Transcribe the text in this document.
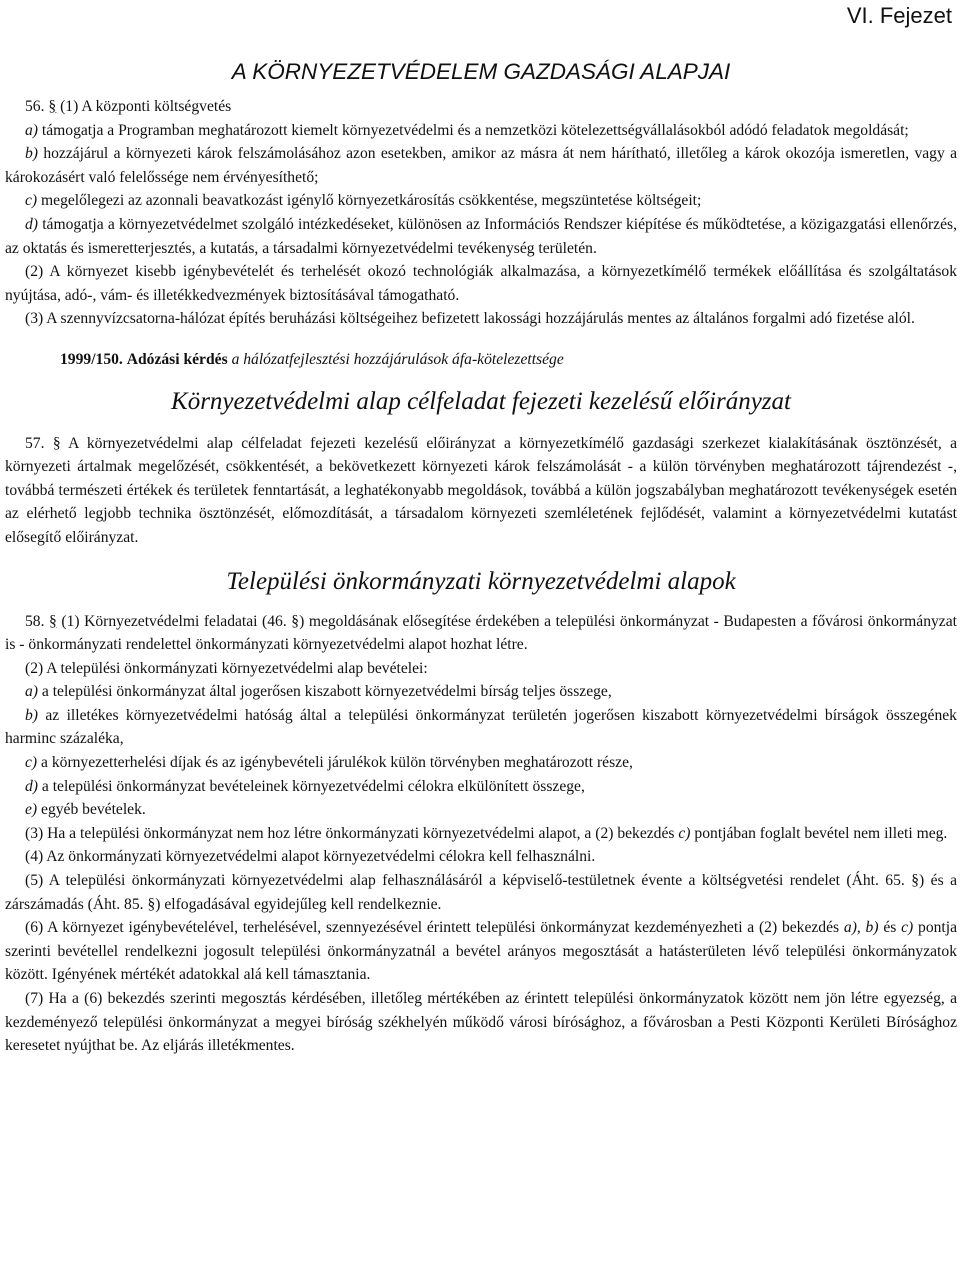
VI. Fejezet
A KÖRNYEZETVÉDELEM GAZDASÁGI ALAPJAI

56. § (1) A központi költségvetés

a) támogatja a Programban meghatározott kiemelt környezetvédelmi és a nemzetközi kötelezettségvállalásokból adódó feladatok megoldását;

b) hozzájárul a környezeti károk felszámolásához azon esetekben, amikor az másra át nem hárítható, illetőleg a károk okozója ismeretlen, vagy a károkozásért való felelőssége nem érvényesíthető;

c) megelőlegezi az azonnali beavatkozást igénylő környezetkárosítás csökkentése, megszüntetése költségeit;

d) támogatja a környezetvédelmet szolgáló intézkedéseket, különösen az Információs Rendszer kiépítése és működtetése, a közigazgatási ellenőrzés, az oktatás és ismeretterjesztés, a kutatás, a társadalmi környezetvédelmi tevékenység területén.

(2) A környezet kisebb igénybevételét és terhelését okozó technológiák alkalmazása, a környezetkímélő termékek előállítása és szolgáltatások nyújtása, adó-, vám- és illetékkedvezmények biztosításával támogatható.

(3) A szennyvízcsatorna-hálózat építés beruházási költségeihez befizetett lakossági hozzájárulás mentes az általános forgalmi adó fizetése alól.

1999/150. Adózási kérdés a hálózatfejlesztési hozzájárulások áfa-kötelezettsége

Környezetvédelmi alap célfeladat fejezeti kezelésű előirányzat

57. § A környezetvédelmi alap célfeladat fejezeti kezelésű előirányzat a környezetkímélő gazdasági szerkezet kialakításának ösztönzését, a környezeti ártalmak megelőzését, csökkentését, a bekövetkezett környezeti károk felszámolását - a külön törvényben meghatározott tájrendezést -, továbbá természeti értékek és területek fenntartását, a leghatékonyabb megoldások, továbbá a külön jogszabályban meghatározott tevékenységek esetén az elérhető legjobb technika ösztönzését, előmozdítását, a társadalom környezeti szemléletének fejlődését, valamint a környezetvédelmi kutatást elősegítő előirányzat.

Települési önkormányzati környezetvédelmi alapok

58. § (1) Környezetvédelmi feladatai (46. §) megoldásának elősegítése érdekében a települési önkormányzat - Budapesten a fővárosi önkormányzat is - önkormányzati rendelettel önkormányzati környezetvédelmi alapot hozhat létre.

(2) A települési önkormányzati környezetvédelmi alap bevételei:

a) a települési önkormányzat által jogerősen kiszabott környezetvédelmi bírság teljes összege,

b) az illetékes környezetvédelmi hatóság által a települési önkormányzat területén jogerősen kiszabott környezetvédelmi bírságok összegének harminc százaléka,

c) a környezetterhelési díjak és az igénybevételi járulékok külön törvényben meghatározott része,

d) a települési önkormányzat bevételeinek környezetvédelmi célokra elkülönített összege,

e) egyéb bevételek.

(3) Ha a települési önkormányzat nem hoz létre önkormányzati környezetvédelmi alapot, a (2) bekezdés c) pontjában foglalt bevétel nem illeti meg.

(4) Az önkormányzati környezetvédelmi alapot környezetvédelmi célokra kell felhasználni.

(5) A települési önkormányzati környezetvédelmi alap felhasználásáról a képviselő-testületnek évente a költségvetési rendelet (Áht. 65. §) és a zárszámadás (Áht. 85. §) elfogadásával egyidejűleg kell rendelkeznie.

(6) A környezet igénybevételével, terhelésével, szennyezésével érintett települési önkormányzat kezdeményezheti a (2) bekezdés a), b) és c) pontja szerinti bevétellel rendelkezni jogosult települési önkormányzatnál a bevétel arányos megosztását a hatásterületen lévő települési önkormányzatok között. Igényének mértékét adatokkal alá kell támasztania.

(7) Ha a (6) bekezdés szerinti megosztás kérdésében, illetőleg mértékében az érintett települési önkormányzatok között nem jön létre egyezség, a kezdeményező települési önkormányzat a megyei bíróság székhelyén működő városi bírósághoz, a fővárosban a Pesti Központi Kerületi Bírósághoz keresetet nyújthat be. Az eljárás illetékmentes.
